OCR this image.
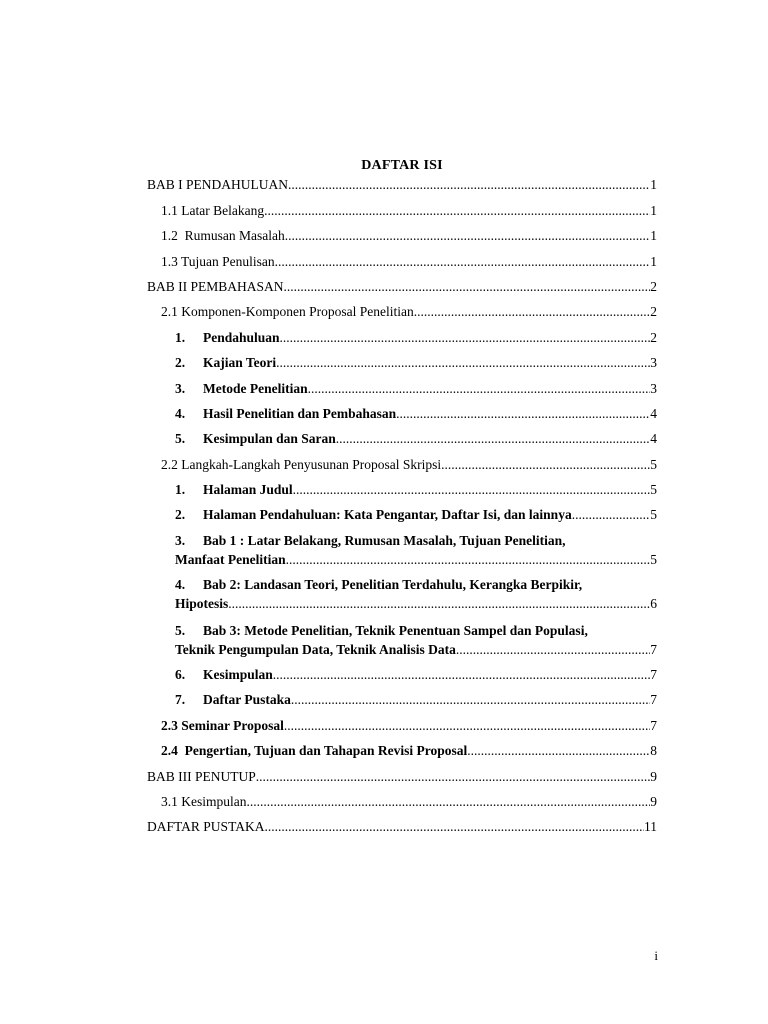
DAFTAR ISI
BAB I PENDAHULUAN .....	1
1.1 Latar Belakang .....	1
1.2  Rumusan Masalah .....	1
1.3 Tujuan Penulisan .....	1
BAB II PEMBAHASAN .....	2
2.1 Komponen-Komponen Proposal Penelitian .....	2
1. Pendahuluan .....	2
2. Kajian Teori .....	3
3. Metode Penelitian .....	3
4. Hasil Penelitian dan Pembahasan .....	4
5. Kesimpulan dan Saran .....	4
2.2 Langkah-Langkah Penyusunan Proposal Skripsi .....	5
1. Halaman Judul .....	5
2. Halaman Pendahuluan: Kata Pengantar, Daftar Isi, dan lainnya .....	5
3. Bab 1 : Latar Belakang, Rumusan Masalah, Tujuan Penelitian,
Manfaat Penelitian .....	5
4. Bab 2: Landasan Teori, Penelitian Terdahulu, Kerangka Berpikir,
Hipotesis .....	6
5. Bab 3: Metode Penelitian, Teknik Penentuan Sampel dan Populasi,
Teknik Pengumpulan Data, Teknik Analisis Data .....	7
6. Kesimpulan .....	7
7. Daftar Pustaka .....	7
2.3 Seminar Proposal .....	7
2.4  Pengertian, Tujuan dan Tahapan Revisi Proposal .....	8
BAB III PENUTUP .....	9
3.1 Kesimpulan .....	9
DAFTAR PUSTAKA .....	11
i
